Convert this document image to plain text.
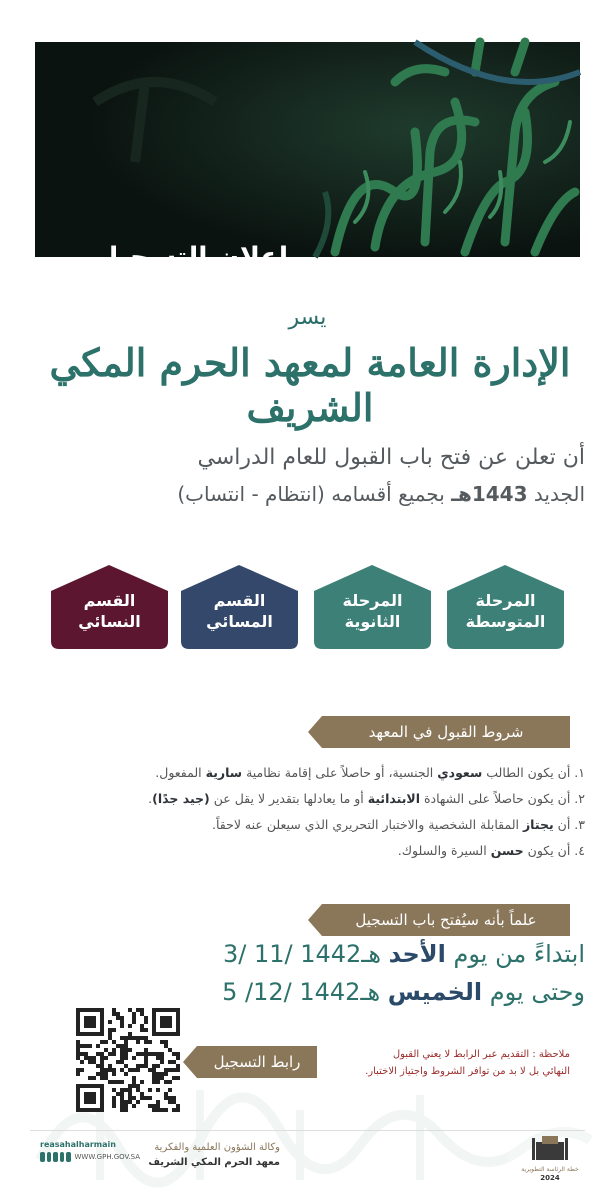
إعلان التسجيل
يسر
الإدارة العامة لمعهد الحرم المكي الشريف
أن تعلن عن فتح باب القبول للعام الدراسي
الجديد 1443هـ بجميع أقسامه (انتظام - انتساب)
المرحلة
المتوسطة
المرحلة
الثانوية
القسم
المسائي
القسم
النسائي
شروط القبول في المعهد
١. أن يكون الطالب سعودي الجنسية، أو حاصلاً على إقامة نظامية سارية المفعول.
٢. أن يكون حاصلاً على الشهادة الابتدائية أو ما يعادلها بتقدير لا يقل عن (جيد جدًا).
٣. أن يجتاز المقابلة الشخصية والاختبار التحريري الذي سيعلن عنه لاحقاً.
٤. أن يكون حسن السيرة والسلوك.
علماً بأنه سيُفتح باب التسجيل
ابتداءً من يوم الأحد 3/ 11/ 1442هـ
وحتى يوم الخميس 5 /12/ 1442هـ
رابط التسجيل	ملاحظة : التقديم عبر الرابط لا يعني القبول
النهائي بل لا بد من توافر الشروط واجتياز الاختبار.
خطة الرئاسة التطويرية
2024
وكالة الشؤون العلمية والفكرية
معهد الحرم المكي الشريف
reasahalharmain
WWW.GPH.GOV.SA
